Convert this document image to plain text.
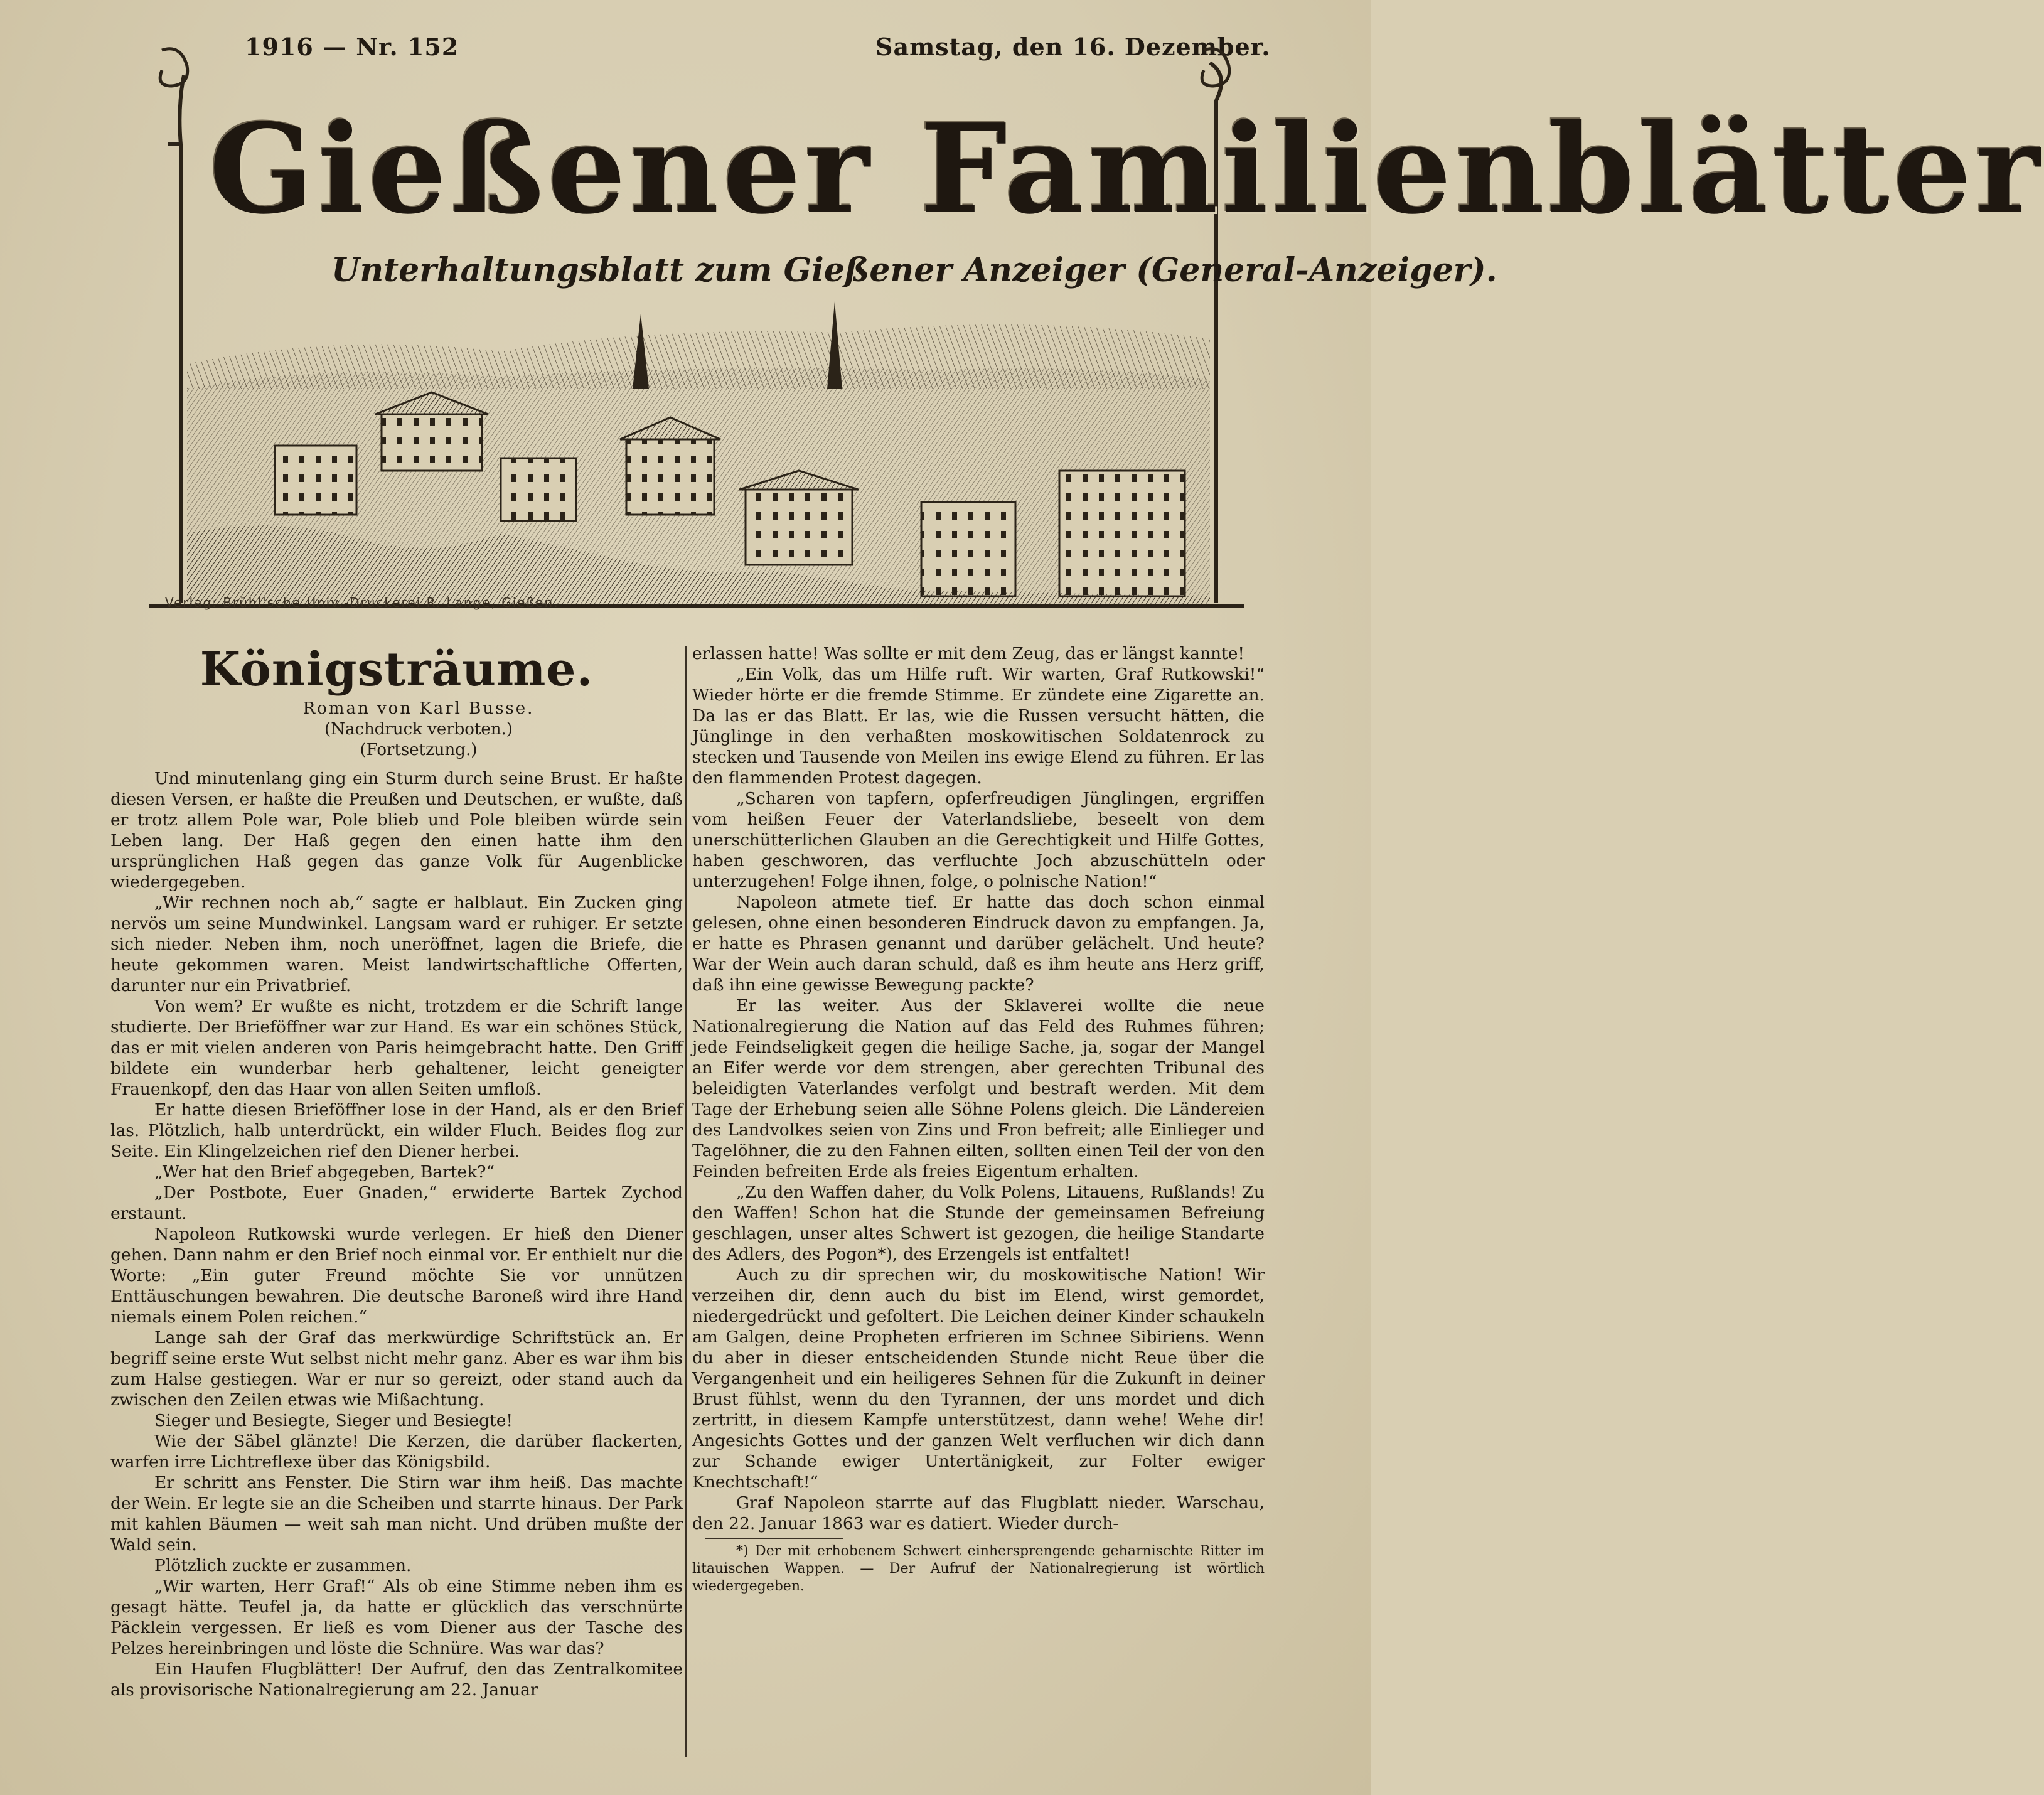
1916 — Nr. 152	Samstag, den 16. Dezember.
Gießener Familienblätter
Unterhaltungsblatt zum Gießener Anzeiger (General-Anzeiger).
Verlag: Brühl'sche Univ.-Druckerei R. Lange, Gießen.
Königsträume.

Roman von Karl Busse.

(Nachdruck verboten.)

(Fortsetzung.)

Und minutenlang ging ein Sturm durch seine Brust. Er haßte diesen Versen, er haßte die Preußen und Deutschen, er wußte, daß er trotz allem Pole war, Pole blieb und Pole bleiben würde sein Leben lang. Der Haß gegen den einen hatte ihm den ursprünglichen Haß gegen das ganze Volk für Augenblicke wiedergegeben.

„Wir rechnen noch ab,“ sagte er halblaut. Ein Zucken ging nervös um seine Mundwinkel. Langsam ward er ruhiger. Er setzte sich nieder. Neben ihm, noch uneröffnet, lagen die Briefe, die heute gekommen waren. Meist landwirtschaftliche Offerten, darunter nur ein Privatbrief.

Von wem? Er wußte es nicht, trotzdem er die Schrift lange studierte. Der Brieföffner war zur Hand. Es war ein schönes Stück, das er mit vielen anderen von Paris heimgebracht hatte. Den Griff bildete ein wunderbar herb gehaltener, leicht geneigter Frauenkopf, den das Haar von allen Seiten umfloß.

Er hatte diesen Brieföffner lose in der Hand, als er den Brief las. Plötzlich, halb unterdrückt, ein wilder Fluch. Beides flog zur Seite. Ein Klingelzeichen rief den Diener herbei.

„Wer hat den Brief abgegeben, Bartek?“

„Der Postbote, Euer Gnaden,“ erwiderte Bartek Zychod erstaunt.

Napoleon Rutkowski wurde verlegen. Er hieß den Diener gehen. Dann nahm er den Brief noch einmal vor. Er enthielt nur die Worte: „Ein guter Freund möchte Sie vor unnützen Enttäuschungen bewahren. Die deutsche Baroneß wird ihre Hand niemals einem Polen reichen.“

Lange sah der Graf das merkwürdige Schriftstück an. Er begriff seine erste Wut selbst nicht mehr ganz. Aber es war ihm bis zum Halse gestiegen. War er nur so gereizt, oder stand auch da zwischen den Zeilen etwas wie Mißachtung.

Sieger und Besiegte, Sieger und Besiegte!

Wie der Säbel glänzte! Die Kerzen, die darüber flackerten, warfen irre Lichtreflexe über das Königsbild.

Er schritt ans Fenster. Die Stirn war ihm heiß. Das machte der Wein. Er legte sie an die Scheiben und starrte hinaus. Der Park mit kahlen Bäumen — weit sah man nicht. Und drüben mußte der Wald sein.

Plötzlich zuckte er zusammen.

„Wir warten, Herr Graf!“ Als ob eine Stimme neben ihm es gesagt hätte. Teufel ja, da hatte er glücklich das verschnürte Päcklein vergessen. Er ließ es vom Diener aus der Tasche des Pelzes hereinbringen und löste die Schnüre. Was war das?

Ein Haufen Flugblätter! Der Aufruf, den das Zentralkomitee als provisorische Nationalregierung am 22. Januar

erlassen hatte! Was sollte er mit dem Zeug, das er längst kannte!

„Ein Volk, das um Hilfe ruft. Wir warten, Graf Rutkowski!“ Wieder hörte er die fremde Stimme. Er zündete eine Zigarette an. Da las er das Blatt. Er las, wie die Russen versucht hätten, die Jünglinge in den verhaßten moskowitischen Soldatenrock zu stecken und Tausende von Meilen ins ewige Elend zu führen. Er las den flammenden Protest dagegen.

„Scharen von tapfern, opferfreudigen Jünglingen, ergriffen vom heißen Feuer der Vaterlandsliebe, beseelt von dem unerschütterlichen Glauben an die Gerechtigkeit und Hilfe Gottes, haben geschworen, das verfluchte Joch abzuschütteln oder unterzugehen! Folge ihnen, folge, o polnische Nation!“

Napoleon atmete tief. Er hatte das doch schon einmal gelesen, ohne einen besonderen Eindruck davon zu empfangen. Ja, er hatte es Phrasen genannt und darüber gelächelt. Und heute? War der Wein auch daran schuld, daß es ihm heute ans Herz griff, daß ihn eine gewisse Bewegung packte?

Er las weiter. Aus der Sklaverei wollte die neue Nationalregierung die Nation auf das Feld des Ruhmes führen; jede Feindseligkeit gegen die heilige Sache, ja, sogar der Mangel an Eifer werde vor dem strengen, aber gerechten Tribunal des beleidigten Vaterlandes verfolgt und bestraft werden. Mit dem Tage der Erhebung seien alle Söhne Polens gleich. Die Ländereien des Landvolkes seien von Zins und Fron befreit; alle Einlieger und Tagelöhner, die zu den Fahnen eilten, sollten einen Teil der von den Feinden befreiten Erde als freies Eigentum erhalten.

„Zu den Waffen daher, du Volk Polens, Litauens, Rußlands! Zu den Waffen! Schon hat die Stunde der gemeinsamen Befreiung geschlagen, unser altes Schwert ist gezogen, die heilige Standarte des Adlers, des Pogon*), des Erzengels ist entfaltet!

Auch zu dir sprechen wir, du moskowitische Nation! Wir verzeihen dir, denn auch du bist im Elend, wirst gemordet, niedergedrückt und gefoltert. Die Leichen deiner Kinder schaukeln am Galgen, deine Propheten erfrieren im Schnee Sibiriens. Wenn du aber in dieser entscheidenden Stunde nicht Reue über die Vergangenheit und ein heiligeres Sehnen für die Zukunft in deiner Brust fühlst, wenn du den Tyrannen, der uns mordet und dich zertritt, in diesem Kampfe unterstützest, dann wehe! Wehe dir! Angesichts Gottes und der ganzen Welt verfluchen wir dich dann zur Schande ewiger Untertänigkeit, zur Folter ewiger Knechtschaft!“

Graf Napoleon starrte auf das Flugblatt nieder. Warschau, den 22. Januar 1863 war es datiert. Wieder durch-

*) Der mit erhobenem Schwert einhersprengende geharnischte Ritter im litauischen Wappen. — Der Aufruf der Nationalregierung ist wörtlich wiedergegeben.
